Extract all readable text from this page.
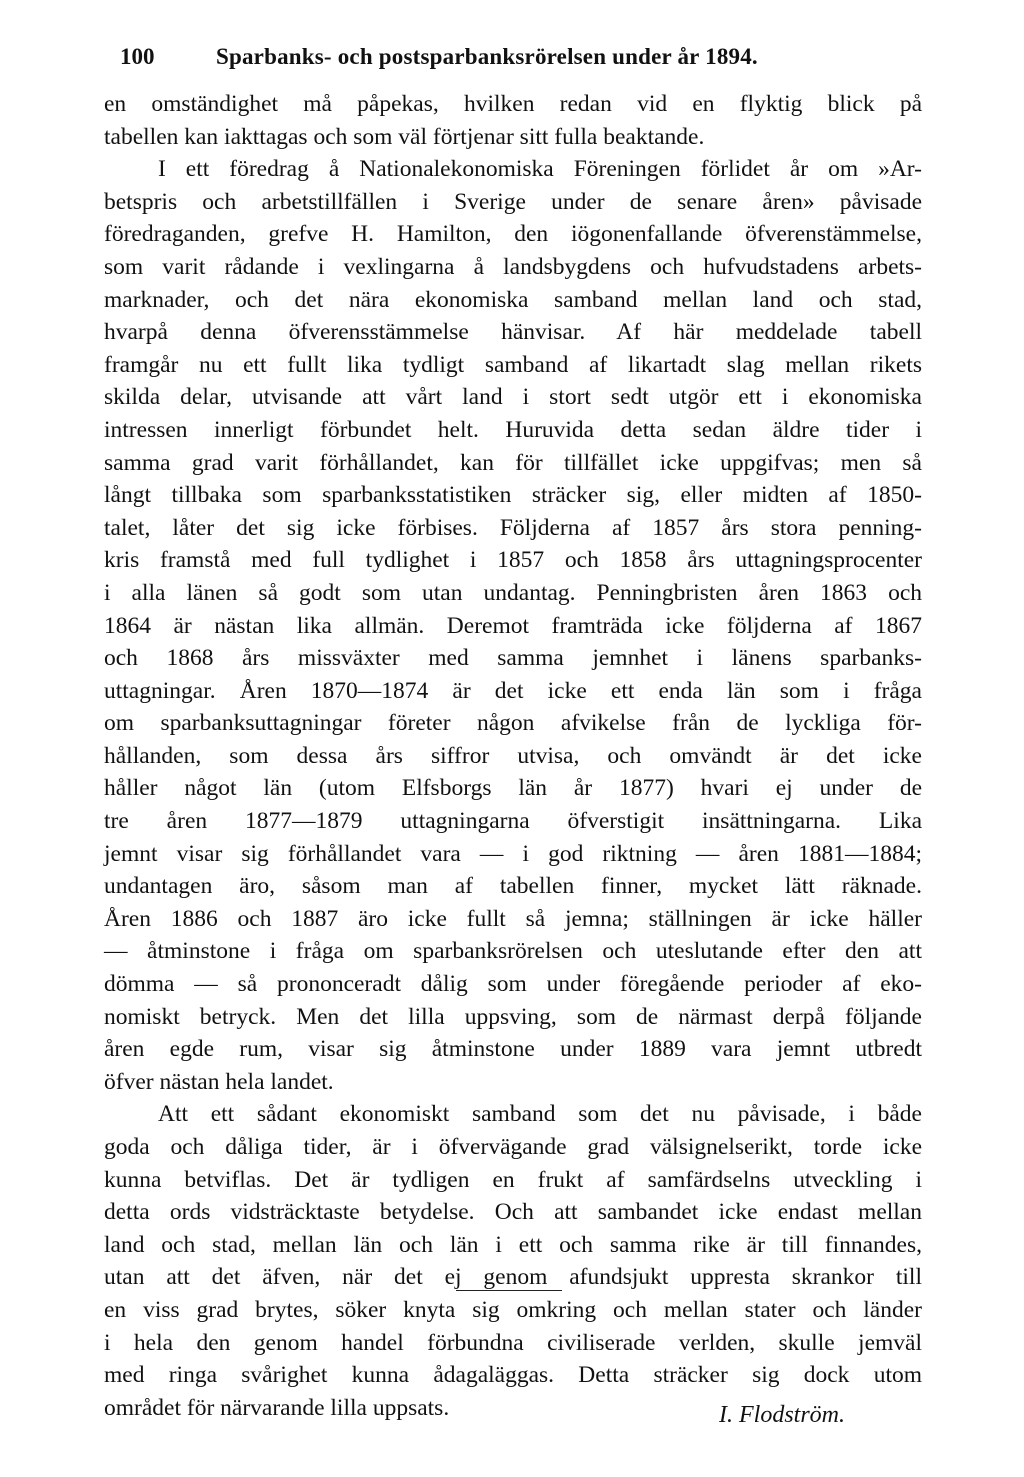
100	Sparbanks- och postsparbanksrörelsen under år 1894.
en omständighet må påpekas, hvilken redan vid en flyktig blick på
tabellen kan iakttagas och som väl förtjenar sitt fulla beaktande.
I ett föredrag å Nationalekonomiska Föreningen förlidet år om »Ar-
betspris och arbetstillfällen i Sverige under de senare åren» påvisade
föredraganden, grefve H. Hamilton, den iögonenfallande öfverenstämmelse,
som varit rådande i vexlingarna å landsbygdens och hufvudstadens arbets-
marknader, och det nära ekonomiska samband mellan land och stad,
hvarpå denna öfverensstämmelse hänvisar. Af här meddelade tabell
framgår nu ett fullt lika tydligt samband af likartadt slag mellan rikets
skilda delar, utvisande att vårt land i stort sedt utgör ett i ekonomiska
intressen innerligt förbundet helt. Huruvida detta sedan äldre tider i
samma grad varit förhållandet, kan för tillfället icke uppgifvas; men så
långt tillbaka som sparbanksstatistiken sträcker sig, eller midten af 1850-
talet, låter det sig icke förbises. Följderna af 1857 års stora penning-
kris framstå med full tydlighet i 1857 och 1858 års uttagningsprocenter
i alla länen så godt som utan undantag. Penningbristen åren 1863 och
1864 är nästan lika allmän. Deremot framträda icke följderna af 1867
och 1868 års missväxter med samma jemnhet i länens sparbanks-
uttagningar. Åren 1870—1874 är det icke ett enda län som i fråga
om sparbanksuttagningar företer någon afvikelse från de lyckliga för-
hållanden, som dessa års siffror utvisa, och omvändt är det icke
håller något län (utom Elfsborgs län år 1877) hvari ej under de
tre åren 1877—1879 uttagningarna öfverstigit insättningarna. Lika
jemnt visar sig förhållandet vara — i god riktning — åren 1881—1884;
undantagen äro, såsom man af tabellen finner, mycket lätt räknade.
Åren 1886 och 1887 äro icke fullt så jemna; ställningen är icke häller
— åtminstone i fråga om sparbanksrörelsen och uteslutande efter den att
dömma — så prononceradt dålig som under föregående perioder af eko-
nomiskt betryck. Men det lilla uppsving, som de närmast derpå följande
åren egde rum, visar sig åtminstone under 1889 vara jemnt utbredt
öfver nästan hela landet.
Att ett sådant ekonomiskt samband som det nu påvisade, i både
goda och dåliga tider, är i öfvervägande grad välsignelserikt, torde icke
kunna betviflas. Det är tydligen en frukt af samfärdselns utveckling i
detta ords vidsträcktaste betydelse. Och att sambandet icke endast mellan
land och stad, mellan län och län i ett och samma rike är till finnandes,
utan att det äfven, när det ej genom afundsjukt uppresta skrankor till
en viss grad brytes, söker knyta sig omkring och mellan stater och länder
i hela den genom handel förbundna civiliserade verlden, skulle jemväl
med ringa svårighet kunna ådagaläggas. Detta sträcker sig dock utom
området för närvarande lilla uppsats.	I. Flodström.
